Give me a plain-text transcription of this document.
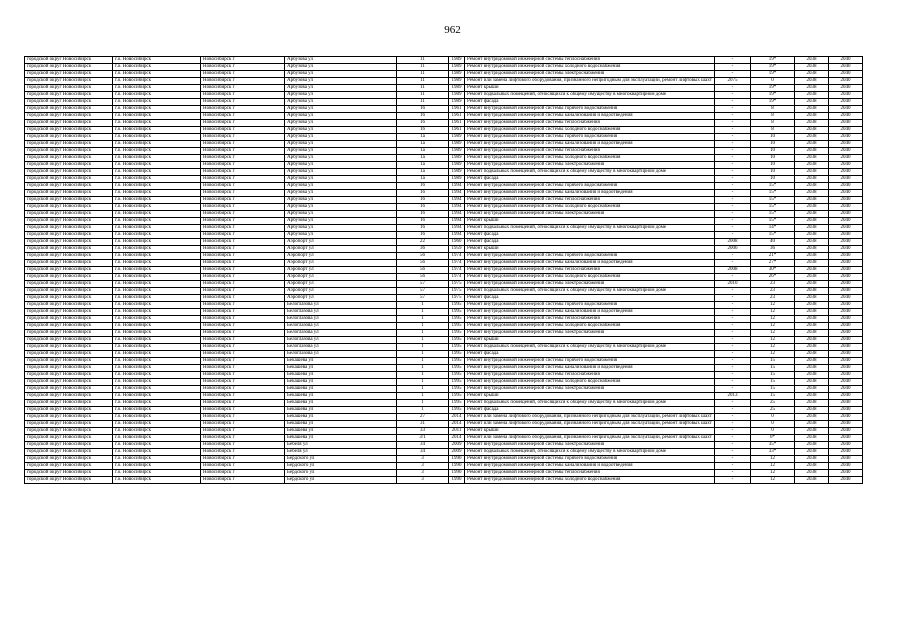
962
городской округ Новосибирск	г.о. Новосибирск	Новосибирск г	Арбузова ул	11	1989	Ремонт внутридомовой инженерной системы теплоснабжения	-	19*	2038	2040
городской округ Новосибирск	г.о. Новосибирск	Новосибирск г	Арбузова ул	11	1989	Ремонт внутридомовой инженерной системы холодного водоснабжения	-	19*	2038	2040
городской округ Новосибирск	г.о. Новосибирск	Новосибирск г	Арбузова ул	11	1989	Ремонт внутридомовой инженерной системы электроснабжения	-	19*	2038	2040
городской округ Новосибирск	г.о. Новосибирск	Новосибирск г	Арбузова ул	11	1989	Ремонт или замена лифтового оборудования, признанного непригодным для эксплуатации, ремонт лифтовых шахт	2075	0	2038	2040
городской округ Новосибирск	г.о. Новосибирск	Новосибирск г	Арбузова ул	11	1989	Ремонт крыши	-	19*	2038	2040
городской округ Новосибирск	г.о. Новосибирск	Новосибирск г	Арбузова ул	11	1989	Ремонт подвальных помещений, относящихся к общему имуществу в многоквартирном доме	-	19*	2038	2040
городской округ Новосибирск	г.о. Новосибирск	Новосибирск г	Арбузова ул	11	1989	Ремонт фасада	-	19*	2038	2040
городской округ Новосибирск	г.о. Новосибирск	Новосибирск г	Арбузова ул	16	1961	Ремонт внутридомовой инженерной системы горячего водоснабжения	-	8	2038	2040
городской округ Новосибирск	г.о. Новосибирск	Новосибирск г	Арбузова ул	16	1961	Ремонт внутридомовой инженерной системы канализования и водоотведения	-	8	2038	2040
городской округ Новосибирск	г.о. Новосибирск	Новосибирск г	Арбузова ул	16	1961	Ремонт внутридомовой инженерной системы теплоснабжения	-	8	2038	2040
городской округ Новосибирск	г.о. Новосибирск	Новосибирск г	Арбузова ул	16	1961	Ремонт внутридомовой инженерной системы холодного водоснабжения	-	8	2038	2040
городской округ Новосибирск	г.о. Новосибирск	Новосибирск г	Арбузова ул	1а	1989	Ремонт внутридомовой инженерной системы горячего водоснабжения	-	10	2038	2040
городской округ Новосибирск	г.о. Новосибирск	Новосибирск г	Арбузова ул	1а	1989	Ремонт внутридомовой инженерной системы канализования и водоотведения	-	10	2038	2040
городской округ Новосибирск	г.о. Новосибирск	Новосибирск г	Арбузова ул	1а	1989	Ремонт внутридомовой инженерной системы теплоснабжения	-	10	2038	2040
городской округ Новосибирск	г.о. Новосибирск	Новосибирск г	Арбузова ул	1а	1989	Ремонт внутридомовой инженерной системы холодного водоснабжения	-	10	2038	2040
городской округ Новосибирск	г.о. Новосибирск	Новосибирск г	Арбузова ул	1а	1989	Ремонт внутридомовой инженерной системы электроснабжения	-	10	2038	2040
городской округ Новосибирск	г.о. Новосибирск	Новосибирск г	Арбузова ул	1а	1989	Ремонт подвальных помещений, относящихся к общему имуществу в многоквартирном доме	-	10	2038	2040
городской округ Новосибирск	г.о. Новосибирск	Новосибирск г	Арбузова ул	1а	1989	Ремонт фасада	-	10	2038	2040
городской округ Новосибирск	г.о. Новосибирск	Новосибирск г	Арбузова ул	16	1994	Ремонт внутридомовой инженерной системы горячего водоснабжения	-	15*	2038	2040
городской округ Новосибирск	г.о. Новосибирск	Новосибирск г	Арбузова ул	16	1994	Ремонт внутридомовой инженерной системы канализования и водоотведения	-	15*	2038	2040
городской округ Новосибирск	г.о. Новосибирск	Новосибирск г	Арбузова ул	16	1994	Ремонт внутридомовой инженерной системы теплоснабжения	-	15*	2038	2040
городской округ Новосибирск	г.о. Новосибирск	Новосибирск г	Арбузова ул	16	1994	Ремонт внутридомовой инженерной системы холодного водоснабжения	-	15*	2038	2040
городской округ Новосибирск	г.о. Новосибирск	Новосибирск г	Арбузова ул	16	1994	Ремонт внутридомовой инженерной системы электроснабжения	-	15*	2038	2040
городской округ Новосибирск	г.о. Новосибирск	Новосибирск г	Арбузова ул	16	1994	Ремонт крыши	-	15*	2038	2040
городской округ Новосибирск	г.о. Новосибирск	Новосибирск г	Арбузова ул	16	1994	Ремонт подвальных помещений, относящихся к общему имуществу в многоквартирном доме	-	14*	2038	2040
городской округ Новосибирск	г.о. Новосибирск	Новосибирск г	Арбузова ул	16	1994	Ремонт фасада	-	15*	2038	2040
городской округ Новосибирск	г.о. Новосибирск	Новосибирск г	Аэропорт ул	22	1960	Ремонт фасада	2008	40	2038	2040
городской округ Новосибирск	г.о. Новосибирск	Новосибирск г	Аэропорт ул	36	1959	Ремонт крыши	2006	36	2038	2040
городской округ Новосибирск	г.о. Новосибирск	Новосибирск г	Аэропорт ул	56	1974	Ремонт внутридомовой инженерной системы горячего водоснабжения	-	21*	2038	2040
городской округ Новосибирск	г.о. Новосибирск	Новосибирск г	Аэропорт ул	56	1974	Ремонт внутридомовой инженерной системы канализования и водоотведения	-	27*	2038	2040
городской округ Новосибирск	г.о. Новосибирск	Новосибирск г	Аэропорт ул	56	1974	Ремонт внутридомовой инженерной системы теплоснабжения	2008	30*	2038	2040
городской округ Новосибирск	г.о. Новосибирск	Новосибирск г	Аэропорт ул	56	1974	Ремонт внутридомовой инженерной системы холодного водоснабжения	-	26*	2038	2040
городской округ Новосибирск	г.о. Новосибирск	Новосибирск г	Аэропорт ул	57	1975	Ремонт внутридомовой инженерной системы электроснабжения	2010	23	2038	2040
городской округ Новосибирск	г.о. Новосибирск	Новосибирск г	Аэропорт ул	57	1975	Ремонт подвальных помещений, относящихся к общему имуществу в многоквартирном доме	-	23	2038	2040
городской округ Новосибирск	г.о. Новосибирск	Новосибирск г	Аэропорт ул	57	1975	Ремонт фасада	-	23	2038	2040
городской округ Новосибирск	г.о. Новосибирск	Новосибирск г	Белоглазова ул	1	1995	Ремонт внутридомовой инженерной системы горячего водоснабжения	-	12	2038	2040
городской округ Новосибирск	г.о. Новосибирск	Новосибирск г	Белоглазова ул	1	1995	Ремонт внутридомовой инженерной системы канализования и водоотведения	-	12	2038	2040
городской округ Новосибирск	г.о. Новосибирск	Новосибирск г	Белоглазова ул	1	1995	Ремонт внутридомовой инженерной системы теплоснабжения	-	12	2038	2040
городской округ Новосибирск	г.о. Новосибирск	Новосибирск г	Белоглазова ул	1	1995	Ремонт внутридомовой инженерной системы холодного водоснабжения	-	12	2038	2040
городской округ Новосибирск	г.о. Новосибирск	Новосибирск г	Белоглазова ул	1	1995	Ремонт внутридомовой инженерной системы электроснабжения	-	12	2038	2040
городской округ Новосибирск	г.о. Новосибирск	Новосибирск г	Белоглазова ул	1	1995	Ремонт крыши	-	12	2038	2040
городской округ Новосибирск	г.о. Новосибирск	Новосибирск г	Белоглазова ул	1	1995	Ремонт подвальных помещений, относящихся к общему имуществу в многоквартирном доме	-	12	2038	2040
городской округ Новосибирск	г.о. Новосибирск	Новосибирск г	Белоглазова ул	1	1995	Ремонт фасада	-	12	2038	2040
городской округ Новосибирск	г.о. Новосибирск	Новосибирск г	Бекашева ул	1	1995	Ремонт внутридомовой инженерной системы горячего водоснабжения	-	15	2038	2040
городской округ Новосибирск	г.о. Новосибирск	Новосибирск г	Бекашева ул	1	1995	Ремонт внутридомовой инженерной системы канализования и водоотведения	-	15	2038	2040
городской округ Новосибирск	г.о. Новосибирск	Новосибирск г	Бекашева ул	1	1995	Ремонт внутридомовой инженерной системы теплоснабжения	-	15	2038	2040
городской округ Новосибирск	г.о. Новосибирск	Новосибирск г	Бекашева ул	1	1995	Ремонт внутридомовой инженерной системы холодного водоснабжения	-	15	2038	2040
городской округ Новосибирск	г.о. Новосибирск	Новосибирск г	Бекашева ул	1	1995	Ремонт внутридомовой инженерной системы электроснабжения	-	15	2038	2040
городской округ Новосибирск	г.о. Новосибирск	Новосибирск г	Бекашева ул	1	1995	Ремонт крыши	2013	15	2038	2040
городской округ Новосибирск	г.о. Новосибирск	Новосибирск г	Бекашева ул	1	1995	Ремонт подвальных помещений, относящихся к общему имуществу в многоквартирном доме	-	25	2038	2040
городской округ Новосибирск	г.о. Новосибирск	Новосибирск г	Бекашева ул	1	1995	Ремонт фасада	-	25	2038	2040
городской округ Новосибирск	г.о. Новосибирск	Новосибирск г	Бекашева ул	27	2014	Ремонт или замена лифтового оборудования, признанного непригодным для эксплуатации, ремонт лифтовых шахт	-	0	2038	2040
городской округ Новосибирск	г.о. Новосибирск	Новосибирск г	Бекашева ул	31	2014	Ремонт или замена лифтового оборудования, признанного непригодным для эксплуатации, ремонт лифтовых шахт	-	0	2038	2040
городской округ Новосибирск	г.о. Новосибирск	Новосибирск г	Бекашева ул	33	2011	Ремонт крыши	-	0	2038	2040
городской округ Новосибирск	г.о. Новосибирск	Новосибирск г	Бекашева ул	3/1	2014	Ремонт или замена лифтового оборудования, признанного непригодным для эксплуатации, ремонт лифтовых шахт	-	0*	2038	2040
городской округ Новосибирск	г.о. Новосибирск	Новосибирск г	Бебеля ул	34	2009	Ремонт внутридомовой инженерной системы электроснабжения	-	35*	2038	2040
городской округ Новосибирск	г.о. Новосибирск	Новосибирск г	Бебеля ул	34	2009	Ремонт подвальных помещений, относящихся к общему имуществу в многоквартирном доме	-	33*	2038	2040
городской округ Новосибирск	г.о. Новосибирск	Новосибирск г	Бердского ул	3	1990	Ремонт внутридомовой инженерной системы горячего водоснабжения	-	12	2038	2040
городской округ Новосибирск	г.о. Новосибирск	Новосибирск г	Бердского ул	3	1990	Ремонт внутридомовой инженерной системы канализования и водоотведения	-	12	2038	2040
городской округ Новосибирск	г.о. Новосибирск	Новосибирск г	Бердского ул	3	1990	Ремонт внутридомовой инженерной системы теплоснабжения	-	12	2038	2040
городской округ Новосибирск	г.о. Новосибирск	Новосибирск г	Бердского ул	3	1990	Ремонт внутридомовой инженерной системы холодного водоснабжения	-	12	2038	2040
